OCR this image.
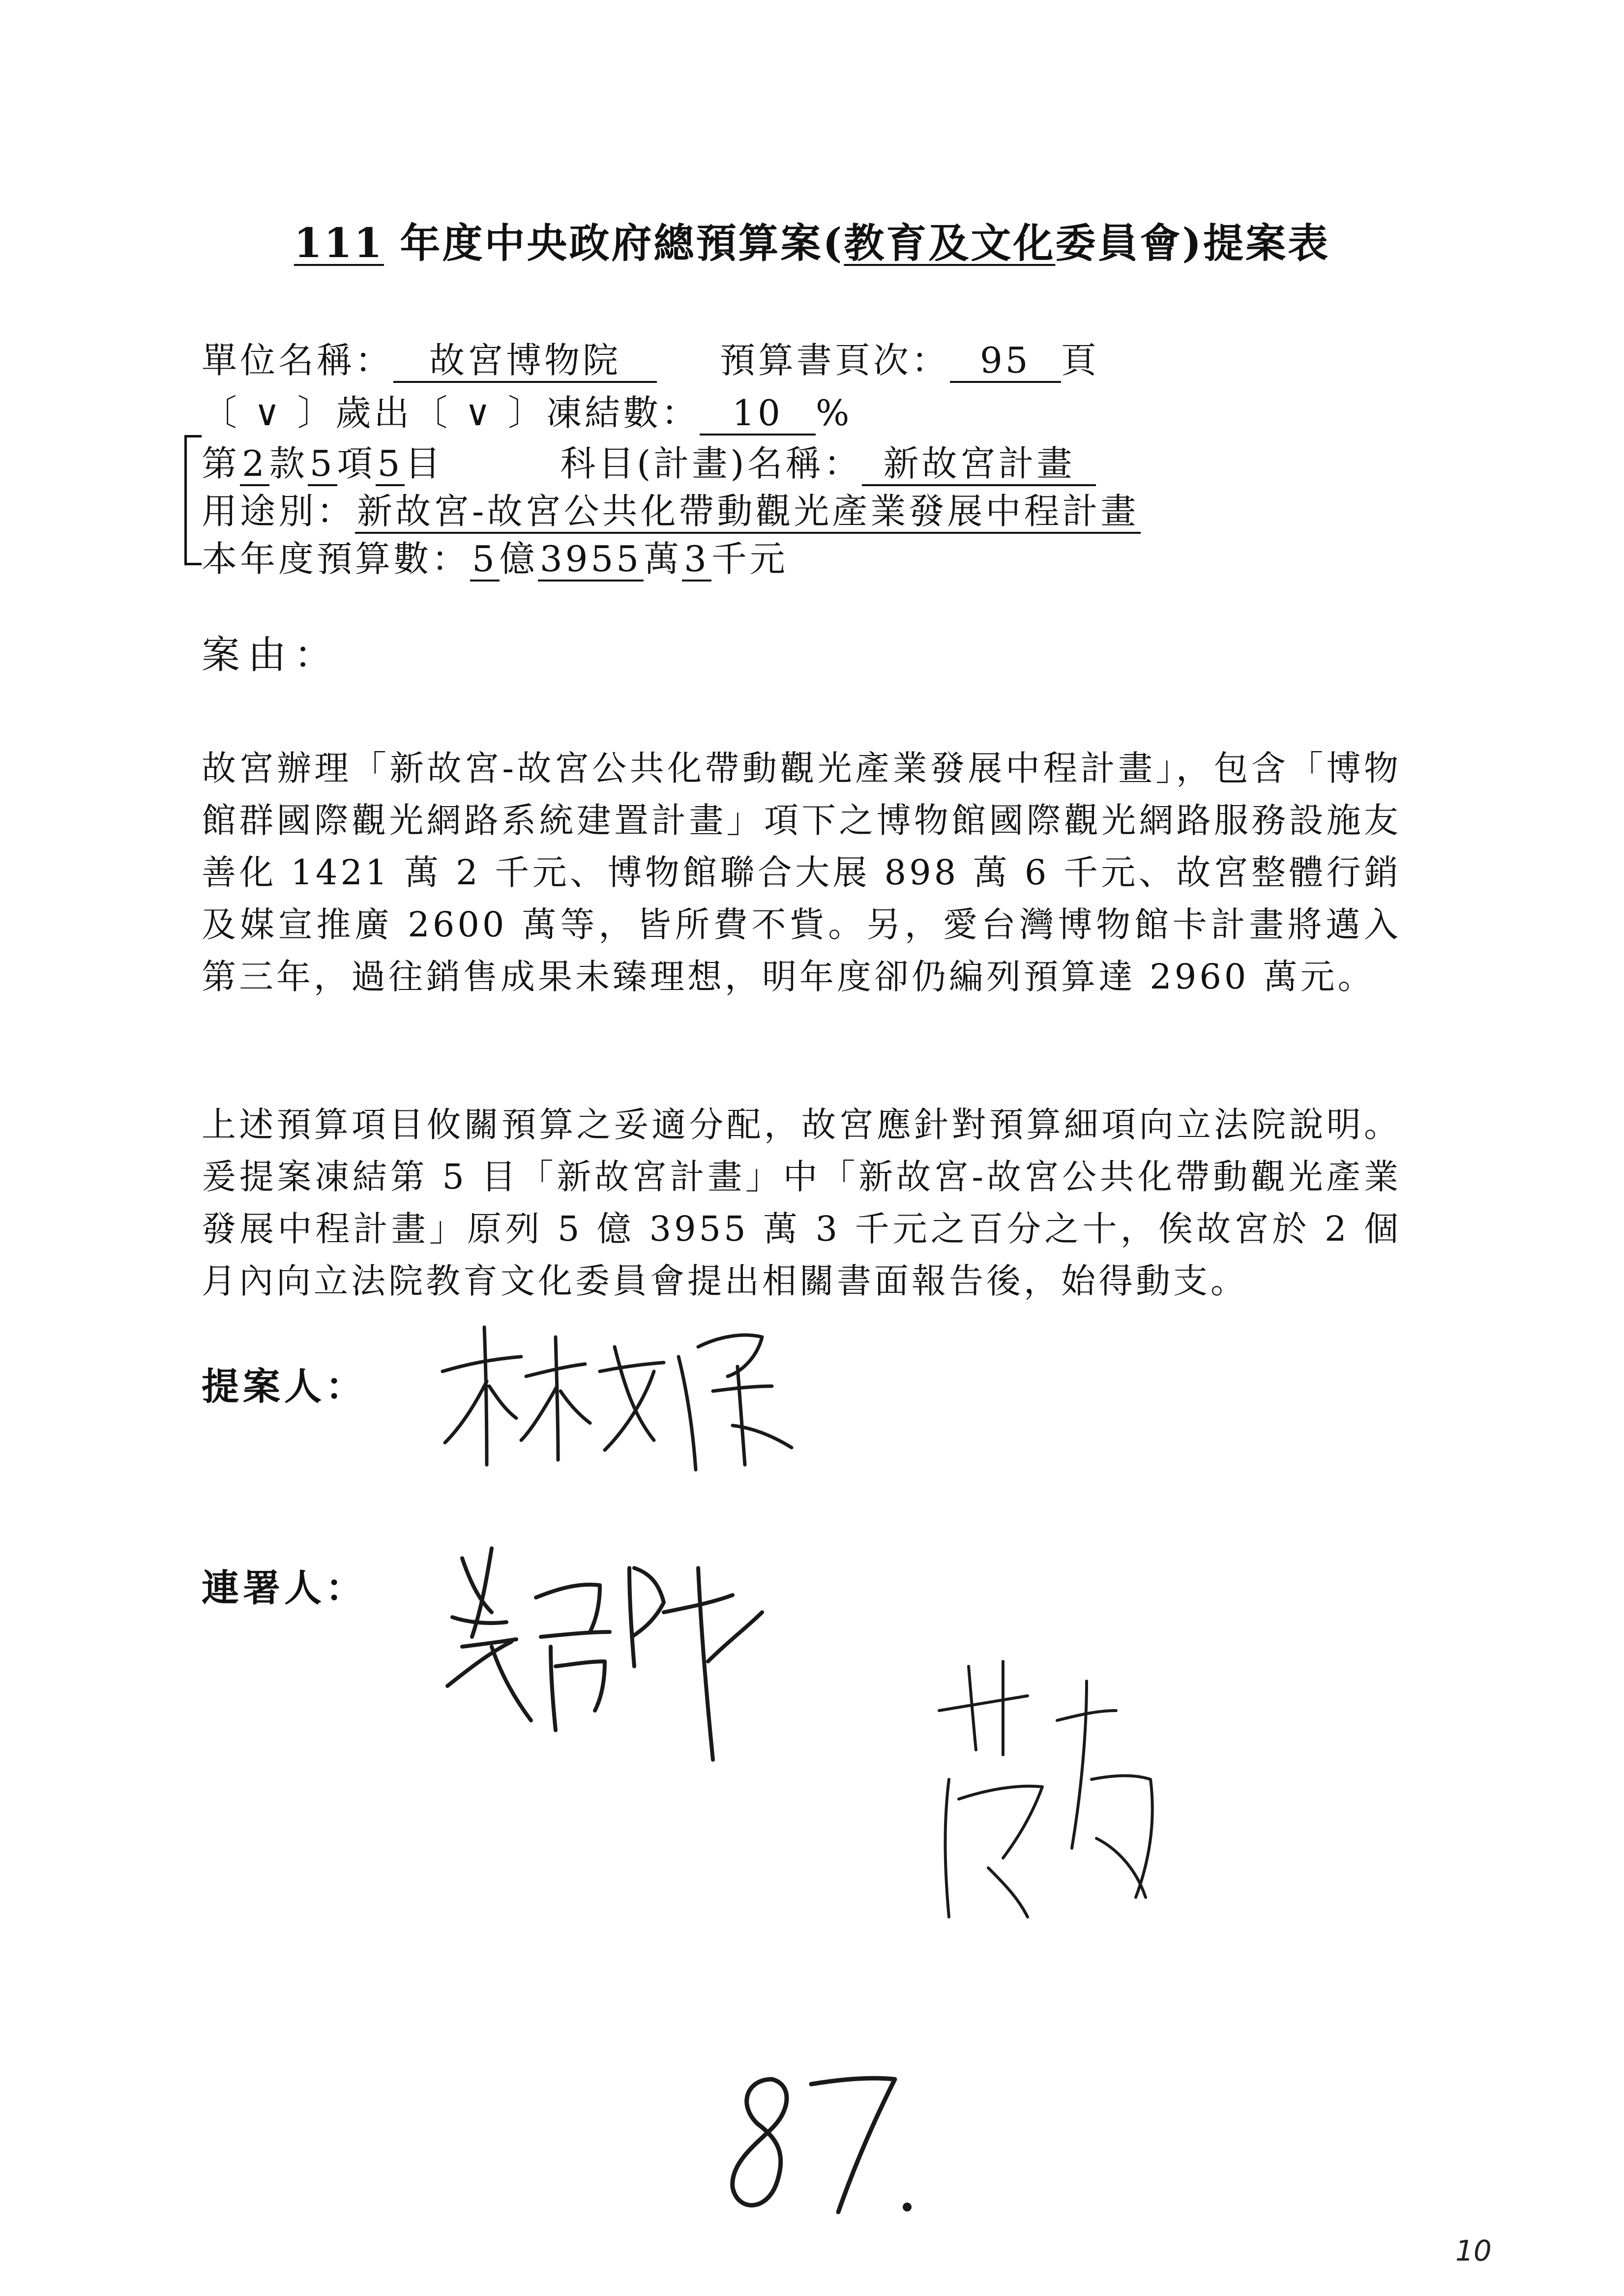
111 年度中央政府總預算案(教育及文化委員會)提案表
單位名稱： 故宮博物院	預算書頁次： 95 頁
〔 ∨ 〕歲出〔 ∨ 〕凍結數： 10 %
第2款5項5目	科目(計畫)名稱： 新故宮計畫
用途別：新故宮-故宮公共化帶動觀光產業發展中程計畫
本年度預算數：5億3955萬3千元
案由：
故宮辦理「新故宮-故宮公共化帶動觀光產業發展中程計畫」，包含「博物館群國際觀光網路系統建置計畫」項下之博物館國際觀光網路服務設施友善化 1421 萬 2 千元、博物館聯合大展 898 萬 6 千元、故宮整體行銷及媒宣推廣 2600 萬等，皆所費不貲。另，愛台灣博物館卡計畫將邁入第三年，過往銷售成果未臻理想，明年度卻仍編列預算達 2960 萬元。
上述預算項目攸關預算之妥適分配，故宮應針對預算細項向立法院說明。爰提案凍結第 5 目「新故宮計畫」中「新故宮-故宮公共化帶動觀光產業發展中程計畫」原列 5 億 3955 萬 3 千元之百分之十，俟故宮於 2 個月內向立法院教育文化委員會提出相關書面報告後，始得動支。
提案人：
連署人：
10
